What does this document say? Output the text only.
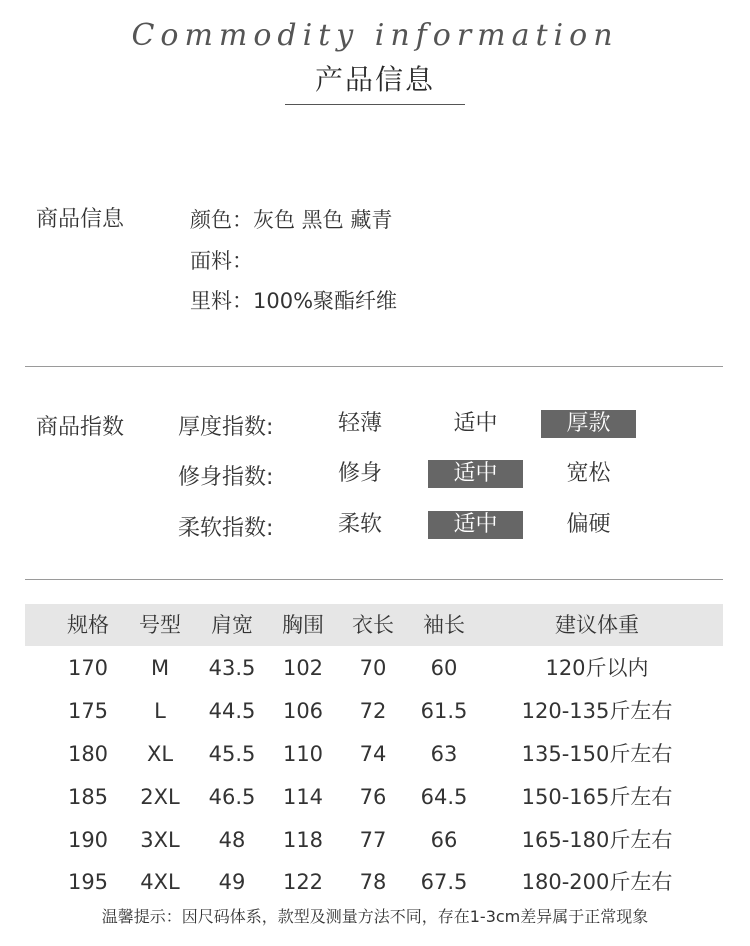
Commodity information
产品信息
商品信息	颜色：灰色 黑色 藏青
面料：
里料：100%聚酯纤维
商品指数 厚度指数:	轻薄	适中	厚款
修身指数:	修身	适中	宽松
柔软指数:	柔软	适中	偏硬
规格	号型	肩宽	胸围	衣长	袖长	建议体重
170	M	43.5	102	70	60	120斤以内
175	L	44.5	106	72	61.5	120-135斤左右
180	XL	45.5	110	74	63	135-150斤左右
185	2XL	46.5	114	76	64.5	150-165斤左右
190	3XL	48	118	77	66	165-180斤左右
195	4XL	49	122	78	67.5	180-200斤左右
温馨提示：因尺码体系，款型及测量方法不同，存在1-3cm差异属于正常现象
